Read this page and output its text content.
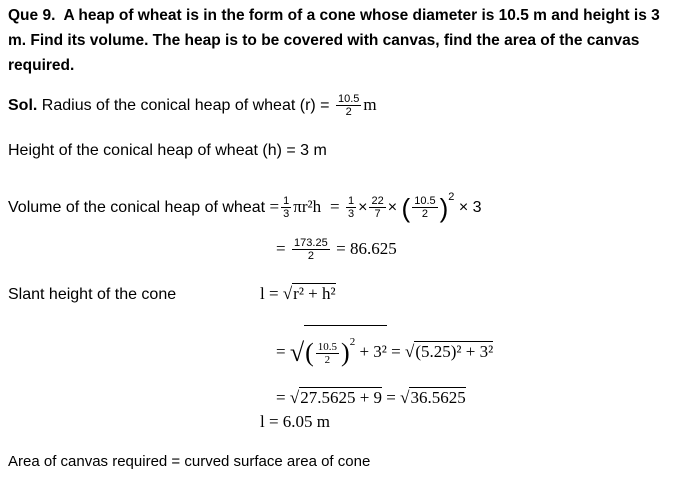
Que 9. A heap of wheat is in the form of a cone whose diameter is 10.5 m and height is 3
m. Find its volume. The heap is to be covered with canvas, find the area of the canvas
required.
Sol. Radius of the conical heap of wheat $(r) = \frac{10.5}{2}$ m
Height of the conical heap of wheat (h) = 3 m
Volume of the conical heap of wheat = $\frac{1}{3} \pi r^2h = \frac{1}{3} \times \frac{22}{7}$ × ( $\frac{10.5}{2} )^2 \times 3$
= $\frac{173.25}{2} = 86.625$
Slant height of the cone	l = √r² + h²
= √( $\frac{10.5}{2} )^2 + 3^2 = √(5.25)^2 + 3^2$
= √27.5625 + 9 = √36.5625
l = 6.05 m
Area of canvas required = curved surface area of cone
